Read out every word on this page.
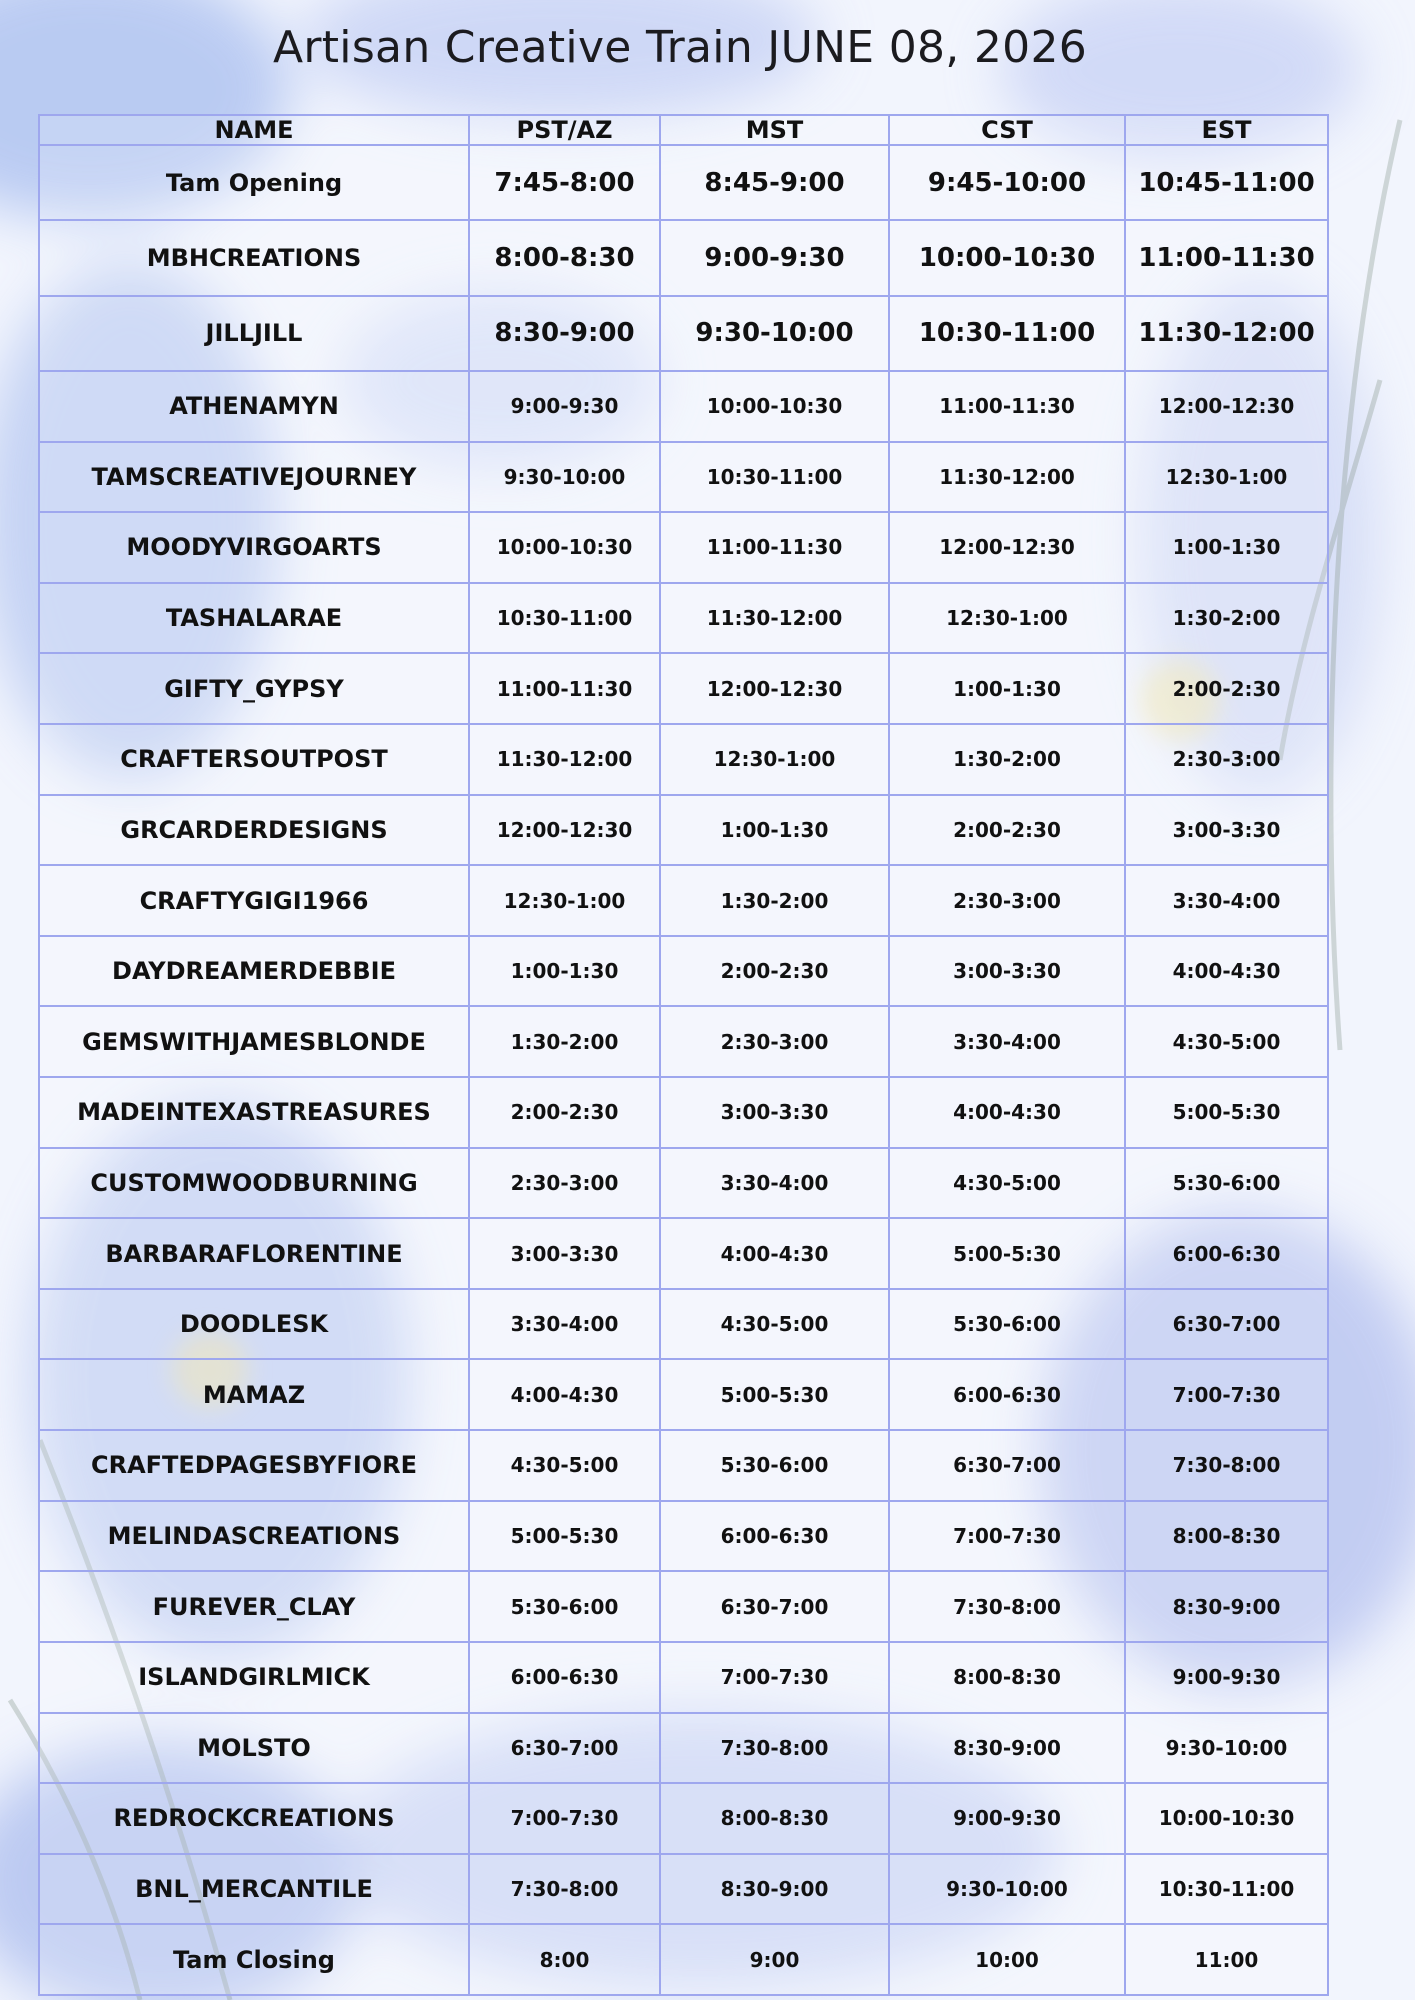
Artisan Creative Train JUNE 08, 2026
NAME	PST/AZ	MST	CST	EST
Tam Opening	7:45-8:00	8:45-9:00	9:45-10:00	10:45-11:00
MBHCREATIONS	8:00-8:30	9:00-9:30	10:00-10:30	11:00-11:30
JILLJILL	8:30-9:00	9:30-10:00	10:30-11:00	11:30-12:00
ATHENAMYN	9:00-9:30	10:00-10:30	11:00-11:30	12:00-12:30
TAMSCREATIVEJOURNEY	9:30-10:00	10:30-11:00	11:30-12:00	12:30-1:00
MOODYVIRGOARTS	10:00-10:30	11:00-11:30	12:00-12:30	1:00-1:30
TASHALARAE	10:30-11:00	11:30-12:00	12:30-1:00	1:30-2:00
GIFTY_GYPSY	11:00-11:30	12:00-12:30	1:00-1:30	2:00-2:30
CRAFTERSOUTPOST	11:30-12:00	12:30-1:00	1:30-2:00	2:30-3:00
GRCARDERDESIGNS	12:00-12:30	1:00-1:30	2:00-2:30	3:00-3:30
CRAFTYGIGI1966	12:30-1:00	1:30-2:00	2:30-3:00	3:30-4:00
DAYDREAMERDEBBIE	1:00-1:30	2:00-2:30	3:00-3:30	4:00-4:30
GEMSWITHJAMESBLONDE	1:30-2:00	2:30-3:00	3:30-4:00	4:30-5:00
MADEINTEXASTREASURES	2:00-2:30	3:00-3:30	4:00-4:30	5:00-5:30
CUSTOMWOODBURNING	2:30-3:00	3:30-4:00	4:30-5:00	5:30-6:00
BARBARAFLORENTINE	3:00-3:30	4:00-4:30	5:00-5:30	6:00-6:30
DOODLESK	3:30-4:00	4:30-5:00	5:30-6:00	6:30-7:00
MAMAZ	4:00-4:30	5:00-5:30	6:00-6:30	7:00-7:30
CRAFTEDPAGESBYFIORE	4:30-5:00	5:30-6:00	6:30-7:00	7:30-8:00
MELINDASCREATIONS	5:00-5:30	6:00-6:30	7:00-7:30	8:00-8:30
FUREVER_CLAY	5:30-6:00	6:30-7:00	7:30-8:00	8:30-9:00
ISLANDGIRLMICK	6:00-6:30	7:00-7:30	8:00-8:30	9:00-9:30
MOLSTO	6:30-7:00	7:30-8:00	8:30-9:00	9:30-10:00
REDROCKCREATIONS	7:00-7:30	8:00-8:30	9:00-9:30	10:00-10:30
BNL_MERCANTILE	7:30-8:00	8:30-9:00	9:30-10:00	10:30-11:00
Tam Closing	8:00	9:00	10:00	11:00
